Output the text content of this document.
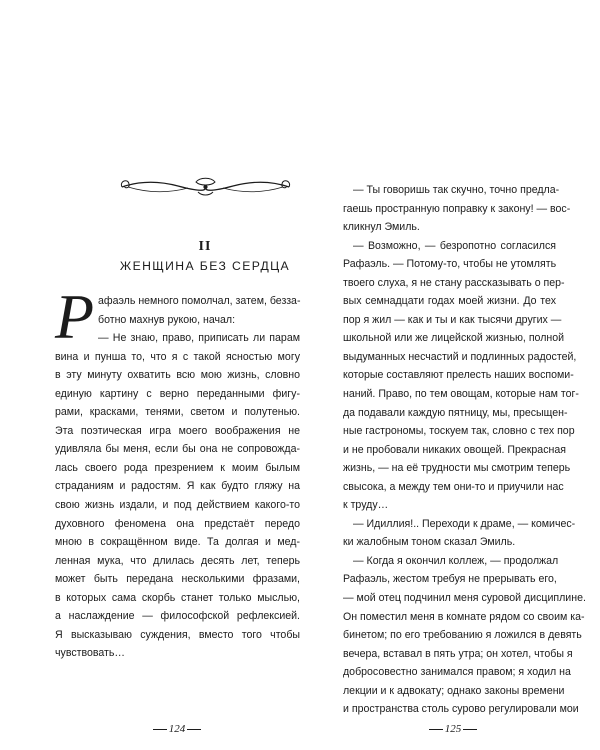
II
ЖЕНЩИНА БЕЗ СЕРДЦА
Р афаэль немного помолчал, затем, безза-
ботно махнув рукою, начал:
— Не знаю, право, приписать ли парам
вина и пунша то, что я с такой ясностью могу
в эту минуту охватить всю мою жизнь, словно
единую картину с верно переданными фигу-
рами, красками, тенями, светом и полутенью.
Эта поэтическая игра моего воображения не
удивляла бы меня, если бы она не сопровожда-
лась своего рода презрением к моим былым
страданиям и радостям. Я как будто гляжу на
свою жизнь издали, и под действием какого-то
духовного феномена она предстаёт передо
мною в сокращённом виде. Та долгая и мед-
ленная мука, что длилась десять лет, теперь
может быть передана несколькими фразами,
в которых сама скорбь станет только мыслью,
а наслаждение — философской рефлексией.
Я высказываю суждения, вместо того чтобы
чувствовать…
124
— Ты говоришь так скучно, точно предла-
гаешь пространную поправку к закону! — вос-
кликнул Эмиль.
— Возможно, — безропотно согласился
Рафаэль. — Потому-то, чтобы не утомлять
твоего слуха, я не стану рассказывать о пер-
вых семнадцати годах моей жизни. До тех
пор я жил — как и ты и как тысячи других —
школьной или же лицейской жизнью, полной
выдуманных несчастий и подлинных радостей,
которые составляют прелесть наших воспоми-
наний. Право, по тем овощам, которые нам тог-
да подавали каждую пятницу, мы, пресыщен-
ные гастрономы, тоскуем так, словно с тех пор
и не пробовали никаких овощей. Прекрасная
жизнь, — на её трудности мы смотрим теперь
свысока, а между тем они-то и приучили нас
к труду…
— Идиллия!.. Переходи к драме, — комичес-
ки жалобным тоном сказал Эмиль.
— Когда я окончил коллеж, — продолжал
Рафаэль, жестом требуя не прерывать его,
— мой отец подчинил меня суровой дисциплине.
Он поместил меня в комнате рядом со своим ка-
бинетом; по его требованию я ложился в девять
вечера, вставал в пять утра; он хотел, чтобы я
добросовестно занимался правом; я ходил на
лекции и к адвокату; однако законы времени
и пространства столь сурово регулировали мои
125
